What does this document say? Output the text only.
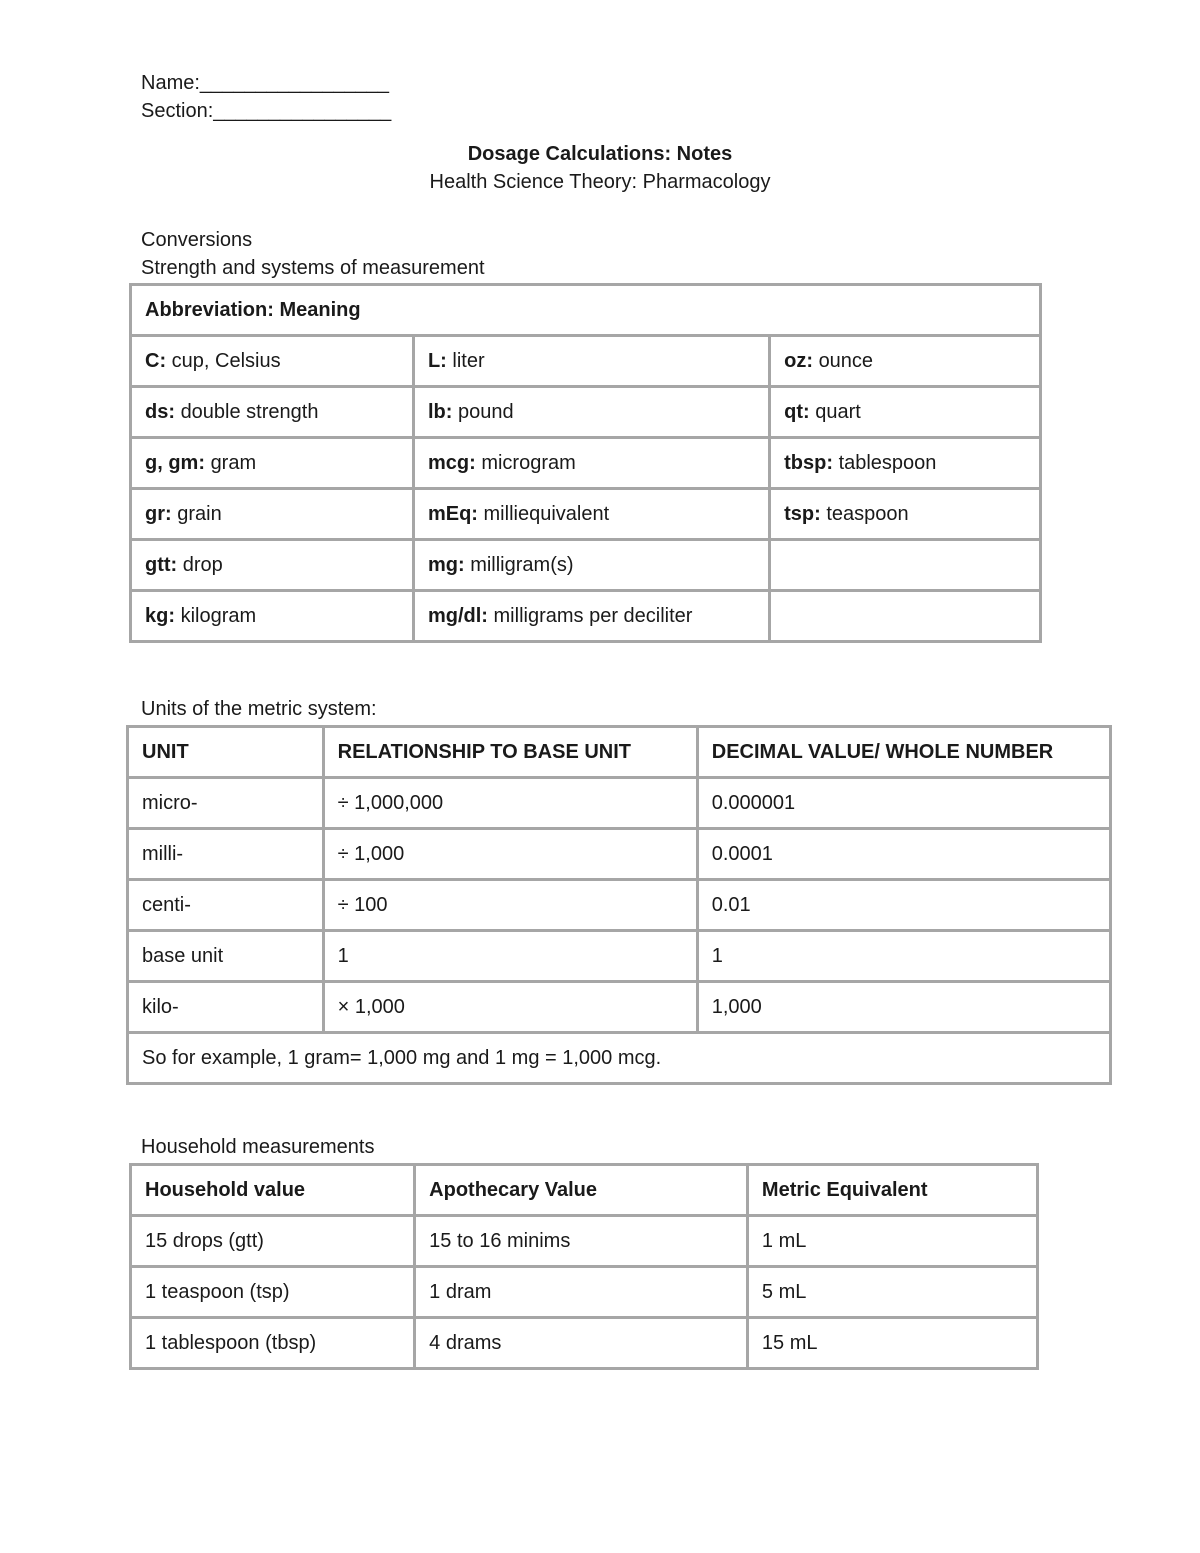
Name:_________________
Section:________________
Dosage Calculations: Notes
Health Science Theory: Pharmacology
Conversions
Strength and systems of measurement
Abbreviation: Meaning		
C: cup, Celsius	L: liter	oz: ounce
ds: double strength	lb: pound	qt: quart
g, gm: gram	mcg: microgram	tbsp: tablespoon
gr: grain	mEq: milliequivalent	tsp: teaspoon
gtt: drop	mg: milligram(s)	
kg: kilogram	mg/dl: milligrams per deciliter	
Units of the metric system:
UNIT	RELATIONSHIP TO BASE UNIT	DECIMAL VALUE/ WHOLE NUMBER
micro-	÷ 1,000,000	0.000001
milli-	÷ 1,000	0.0001
centi-	÷ 100	0.01
base unit	1	1
kilo-	× 1,000	1,000
So for example, 1 gram= 1,000 mg and 1 mg = 1,000 mcg.		
Household measurements
Household value	Apothecary Value	Metric Equivalent
15 drops (gtt)	15 to 16 minims	1 mL
1 teaspoon (tsp)	1 dram	5 mL
1 tablespoon (tbsp)	4 drams	15 mL
